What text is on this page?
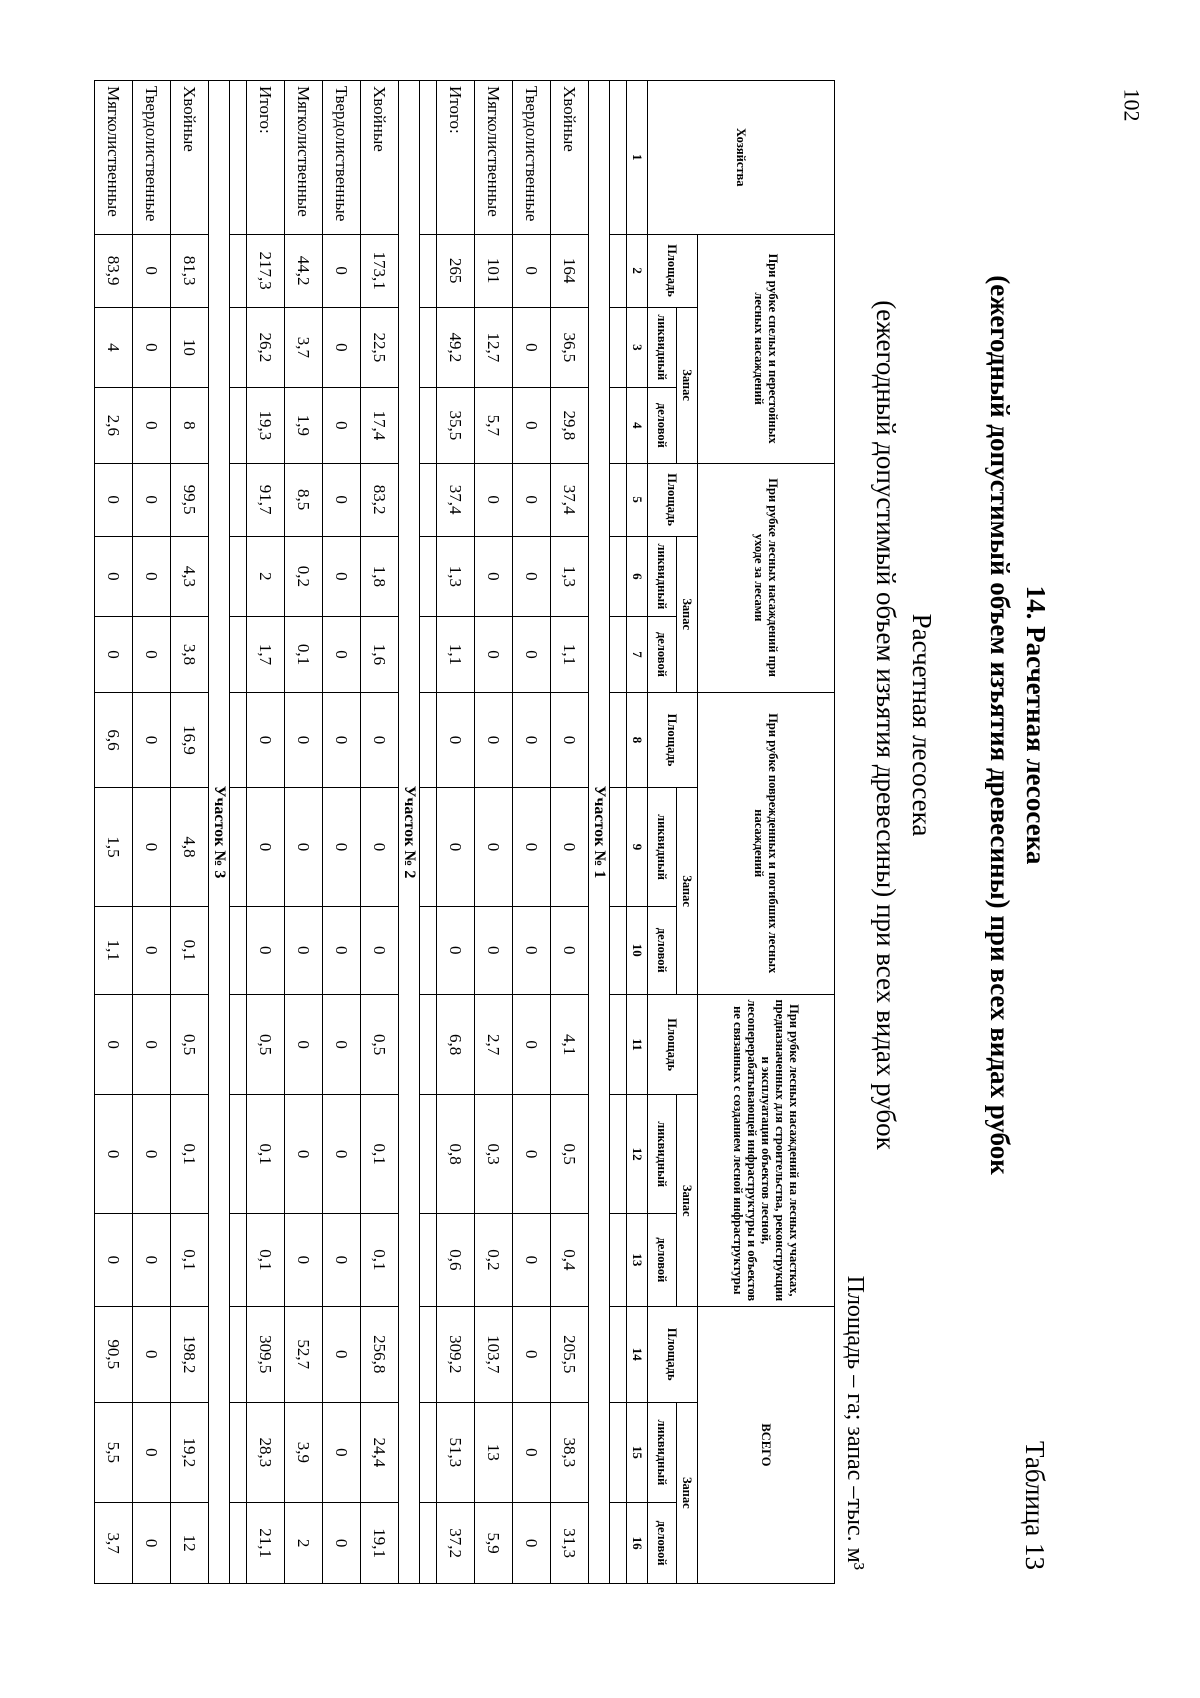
102
14. Расчетная лесосека
(ежегодный допустимый объем изъятия древесины) при всех видах рубок
Таблица 13
Расчетная лесосека
(ежегодный допустимый объем изъятия древесины) при всех видах рубок
Площадь – га; запас –тыс. м³
Хозяйства	При рубке спелых и перестойных лесных насаждений			При рубке лесных насаждений при уходе за лесами			При рубке поврежденных и погибших лесных насаждений			При рубке лесных насаждений на лесных участках, предназначенных для строительства, реконструкции и эксплуатации объектов лесной, лесоперерабатывающей инфраструктуры и объектов не связанных с созданием лесной инфраструктуры			ВСЕГО		
	Площадь	Запас		Площадь	Запас		Площадь	Запас		Площадь	Запас		Площадь	Запас	
		ликвидный	деловой		ликвидный	деловой		ликвидный	деловой		ликвидный	деловой		ликвидный	деловой
1	2	3	4	5	6	7	8	9	10	11	12	13	14	15	16

Участок № 1															
Хвойные	164	36,5	29,8	37,4	1,3	1,1	0	0	0	4,1	0,5	0,4	205,5	38,3	31,3
Твердолиственные	0	0	0	0	0	0	0	0	0	0	0	0	0	0	0
Мягколиственные	101	12,7	5,7	0	0	0	0	0	0	2,7	0,3	0,2	103,7	13	5,9
Итого:	265	49,2	35,5	37,4	1,3	1,1	0	0	0	6,8	0,8	0,6	309,2	51,3	37,2

Участок № 2															
Хвойные	173,1	22,5	17,4	83,2	1,8	1,6	0	0	0	0,5	0,1	0,1	256,8	24,4	19,1
Твердолиственные	0	0	0	0	0	0	0	0	0	0	0	0	0	0	0
Мягколиственные	44,2	3,7	1,9	8,5	0,2	0,1	0	0	0	0	0	0	52,7	3,9	2
Итого:	217,3	26,2	19,3	91,7	2	1,7	0	0	0	0,5	0,1	0,1	309,5	28,3	21,1

Участок № 3															
Хвойные	81,3	10	8	99,5	4,3	3,8	16,9	4,8	0,1	0,5	0,1	0,1	198,2	19,2	12
Твердолиственные	0	0	0	0	0	0	0	0	0	0	0	0	0	0	0
Мягколиственные	83,9	4	2,6	0	0	0	6,6	1,5	1,1	0	0	0	90,5	5,5	3,7
